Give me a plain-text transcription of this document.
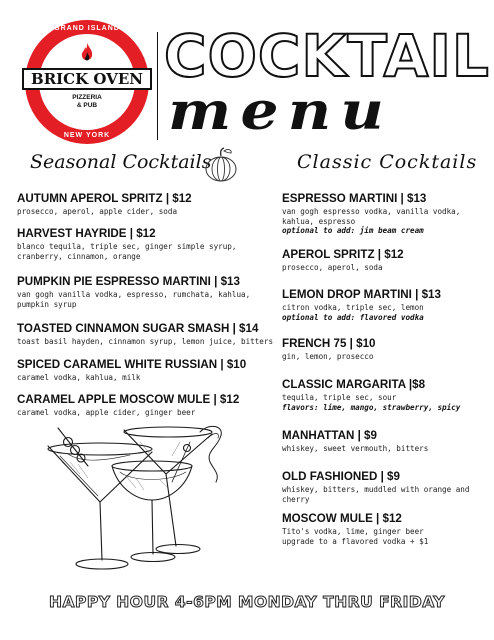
GRAND ISLAND
BRICK OVEN
PIZZERIA
& PUB
NEW YORK
COCKTAIL
menu
Seasonal Cocktails	Classic Cocktails
AUTUMN APEROL SPRITZ | $12
prosecco, aperol, apple cider, soda
HARVEST HAYRIDE | $12
blanco tequila, triple sec, ginger simple syrup, cranberry, cinnamon, orange
PUMPKIN PIE ESPRESSO MARTINI | $13
van gogh vanilla vodka, espresso, rumchata, kahlua, pumpkin syrup
TOASTED CINNAMON SUGAR SMASH | $14
toast basil hayden, cinnamon syrup, lemon juice, bitters
SPICED CARAMEL WHITE RUSSIAN | $10
caramel vodka, kahlua, milk
CARAMEL APPLE MOSCOW MULE | $12
caramel vodka, apple cider, ginger beer
ESPRESSO MARTINI | $13
van gogh espresso vodka, vanilla vodka, kahlua, espresso
optional to add: jim beam cream
APEROL SPRITZ | $12
prosecco, aperol, soda
LEMON DROP MARTINI | $13
citron vodka, triple sec, lemon
optional to add: flavored vodka
FRENCH 75 | $10
gin, lemon, prosecco
CLASSIC MARGARITA |$8
tequila, triple sec, sour
flavors: lime, mango, strawberry, spicy
MANHATTAN | $9
whiskey, sweet vermouth, bitters
OLD FASHIONED | $9
whiskey, bitters, muddled with orange and cherry
MOSCOW MULE | $12
Tito's vodka, lime, ginger beer upgrade to a flavored vodka + $1
HAPPY HOUR 4-6PM MONDAY THRU FRIDAY
